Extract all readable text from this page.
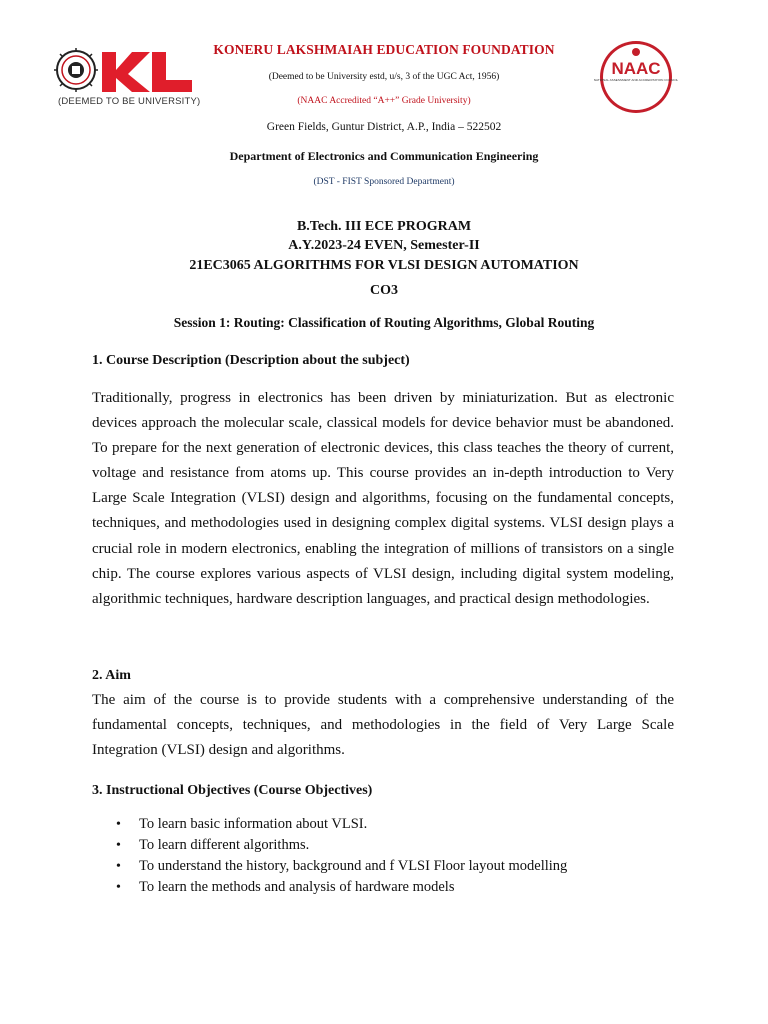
(DEEMED TO BE UNIVERSITY)
NAAC
NATIONAL ASSESSMENT AND ACCREDITATION COUNCIL
A++ Grade
KONERU LAKSHMAIAH EDUCATION FOUNDATION
(Deemed to be University estd, u/s, 3 of the UGC Act, 1956)
(NAAC Accredited “A++” Grade University)
Green Fields, Guntur District, A.P., India – 522502
Department of Electronics and Communication Engineering
(DST - FIST Sponsored Department)
B.Tech. III ECE PROGRAM
A.Y.2023-24 EVEN, Semester-II
21EC3065 ALGORITHMS FOR VLSI DESIGN AUTOMATION
CO3
Session 1: Routing: Classification of Routing Algorithms, Global Routing
1. Course Description (Description about the subject)
Traditionally, progress in electronics has been driven by miniaturization. But as electronic devices approach the molecular scale, classical models for device behavior must be abandoned. To prepare for the next generation of electronic devices, this class teaches the theory of current, voltage and resistance from atoms up. This course provides an in-depth introduction to Very Large Scale Integration (VLSI) design and algorithms, focusing on the fundamental concepts, techniques, and methodologies used in designing complex digital systems. VLSI design plays a crucial role in modern electronics, enabling the integration of millions of transistors on a single chip. The course explores various aspects of VLSI design, including digital system modeling, algorithmic techniques, hardware description languages, and practical design methodologies.
2. Aim
The aim of the course is to provide students with a comprehensive understanding of the fundamental concepts, techniques, and methodologies in the field of Very Large Scale Integration (VLSI) design and algorithms.
3. Instructional Objectives (Course Objectives)
• To learn basic information about VLSI.
• To learn different algorithms.
• To understand the history, background and f VLSI Floor layout modelling
• To learn the methods and analysis of hardware models
